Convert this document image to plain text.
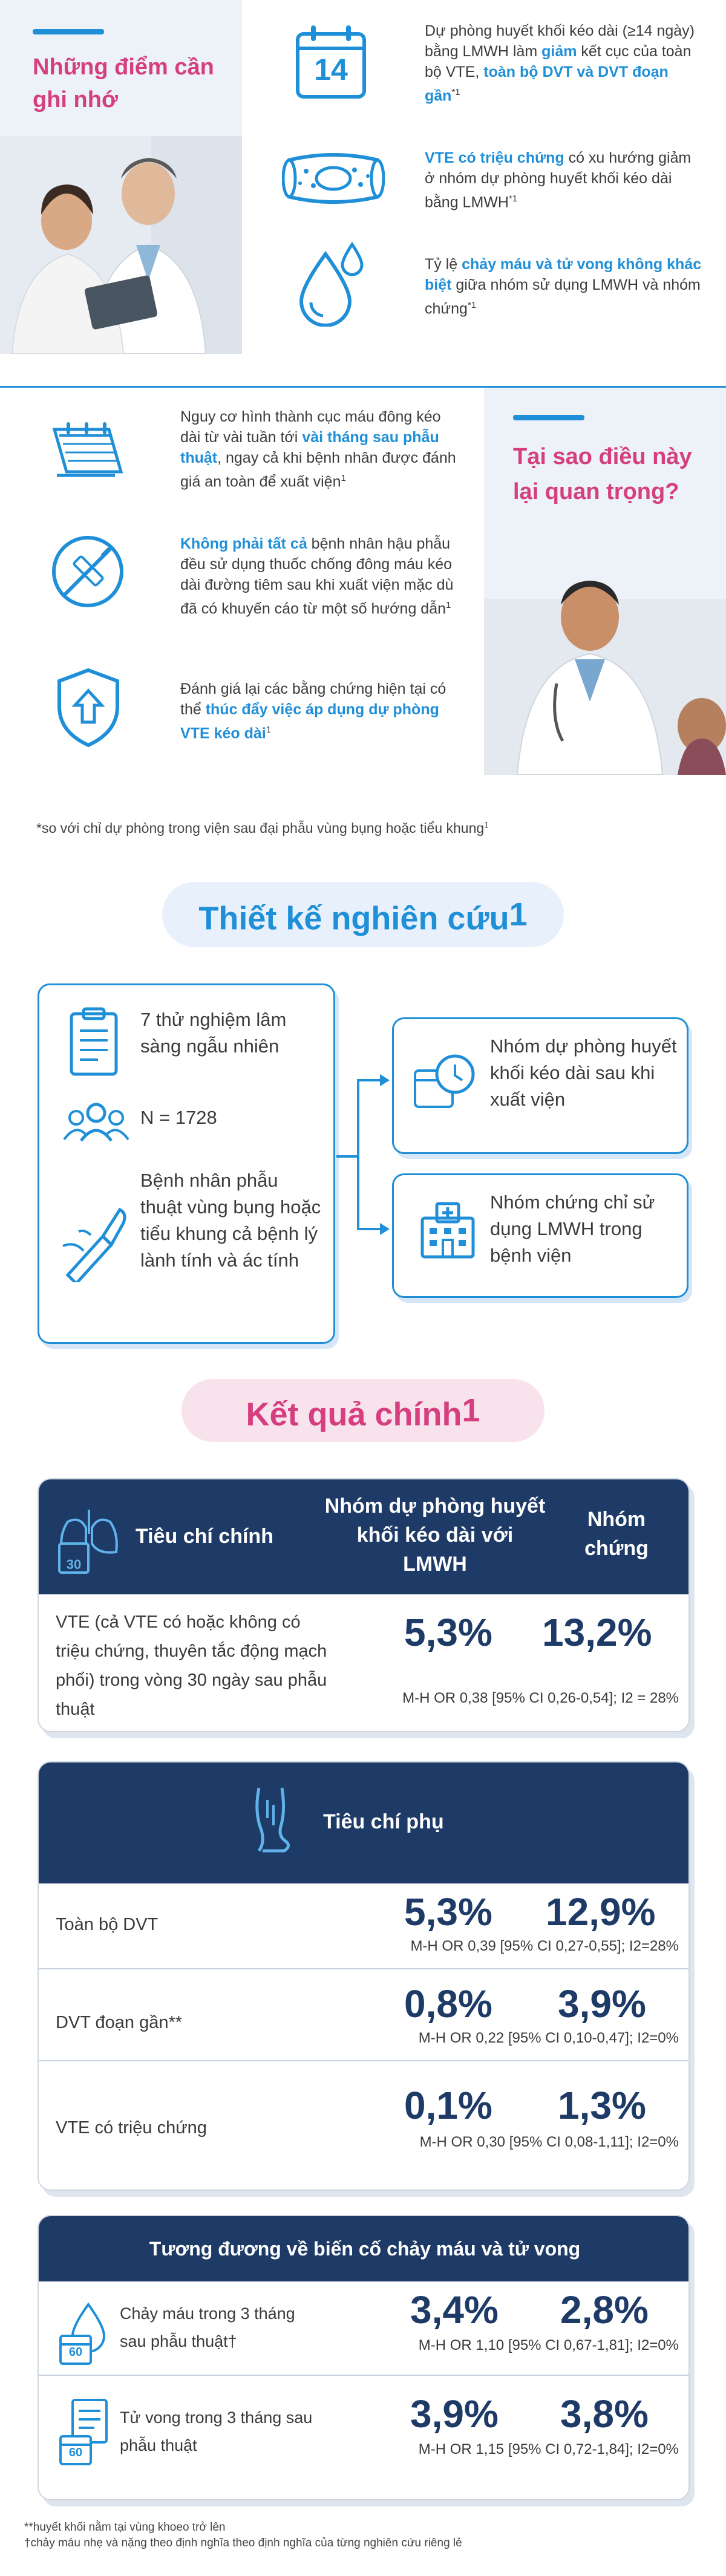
Những điểm cần ghi nhớ
14
Dự phòng huyết khối kéo dài (≥14 ngày) bằng LMWH làm giảm kết cục của toàn bộ VTE, toàn bộ DVT và DVT đoạn gần$^{*1}$
VTE có triệu chứng có xu hướng giảm ở nhóm dự phòng huyết khối kéo dài bằng LMWH$^{*1}$
Tỷ lệ chảy máu và tử vong không khác biệt giữa nhóm sử dụng LMWH và nhóm chứng$^{*1}$
Tại sao điều này lại quan trọng?
Nguy cơ hình thành cục máu đông kéo dài từ vài tuần tới vài tháng sau phẫu thuật, ngay cả khi bệnh nhân được đánh giá an toàn để xuất viện$^1$
Không phải tất cả bệnh nhân hậu phẫu đều sử dụng thuốc chống đông máu kéo dài đường tiêm sau khi xuất viện mặc dù đã có khuyến cáo từ một số hướng dẫn$^1$
Đánh giá lại các bằng chứng hiện tại có thể thúc đẩy việc áp dụng dự phòng VTE kéo dài$^1$
*so với chỉ dự phòng trong viện sau đại phẫu vùng bụng hoặc tiểu khung$^1$
Thiết kế nghiên cứu1
7 thử nghiệm lâm sàng ngẫu nhiên
N = 1728
Bệnh nhân phẫu thuật vùng bụng hoặc tiểu khung cả bệnh lý lành tính và ác tính
Nhóm dự phòng huyết khối kéo dài sau khi xuất viện
Nhóm chứng chỉ sử dụng LMWH trong bệnh viện
Kết quả chính1
30
Tiêu chí chính
Nhóm dự phòng huyết khối kéo dài với LMWH
Nhóm chứng
VTE (cả VTE có hoặc không có triệu chứng, thuyên tắc động mạch phổi) trong vòng 30 ngày sau phẫu thuật
5,3% 13,2%
M-H OR 0,38 [95% CI 0,26-0,54]; I2 = 28%
Tiêu chí phụ
Toàn bộ DVT	5,3% 12,9%
M-H OR 0,39 [95% CI 0,27-0,55]; I2=28%
DVT đoạn gần**	0,8% 3,9%
M-H OR 0,22 [95% CI 0,10-0,47]; I2=0%
VTE có triệu chứng
0,1% 1,3%
M-H OR 0,30 [95% CI 0,08-1,11]; I2=0%
Tương đương về biến cố chảy máu và tử vong
60
Chảy máu trong 3 tháng sau phẫu thuật†
3,4% 2,8%
M-H OR 1,10 [95% CI 0,67-1,81]; I2=0%
60
Tử vong trong 3 tháng sau phẫu thuật
3,9% 3,8%
M-H OR 1,15 [95% CI 0,72-1,84]; I2=0%
**huyết khối nằm tại vùng khoeo trở lên
†chảy máu nhẹ và nặng theo định nghĩa theo định nghĩa của từng nghiên cứu riêng lẻ
